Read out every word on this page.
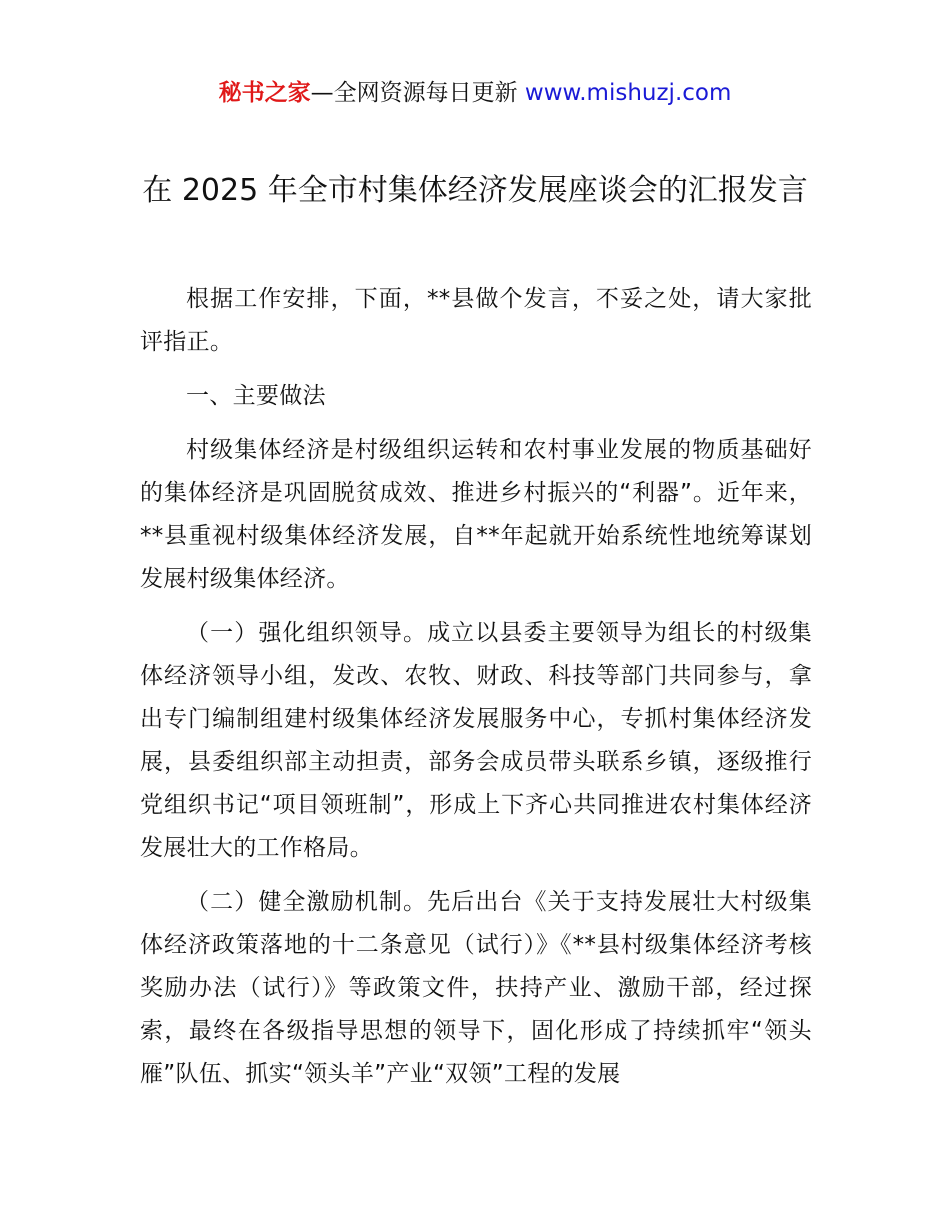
秘书之家—全网资源每日更新 www.mishuzj.com
在 2025 年全市村集体经济发展座谈会的汇报发言

根据工作安排，下面，**县做个发言，不妥之处，请大家批评指正。

一、主要做法

村级集体经济是村级组织运转和农村事业发展的物质基础好的集体经济是巩固脱贫成效、推进乡村振兴的“利器”。近年来，**县重视村级集体经济发展，自**年起就开始系统性地统筹谋划发展村级集体经济。

（一）强化组织领导。成立以县委主要领导为组长的村级集体经济领导小组，发改、农牧、财政、科技等部门共同参与，拿出专门编制组建村级集体经济发展服务中心，专抓村集体经济发展，县委组织部主动担责，部务会成员带头联系乡镇，逐级推行党组织书记“项目领班制”，形成上下齐心共同推进农村集体经济发展壮大的工作格局。

（二）健全激励机制。先后出台《关于支持发展壮大村级集体经济政策落地的十二条意见（试行）》《**县村级集体经济考核奖励办法（试行）》等政策文件，扶持产业、激励干部，经过探索，最终在各级指导思想的领导下，固化形成了持续抓牢“领头雁”队伍、抓实“领头羊”产业“双领”工程的发展
